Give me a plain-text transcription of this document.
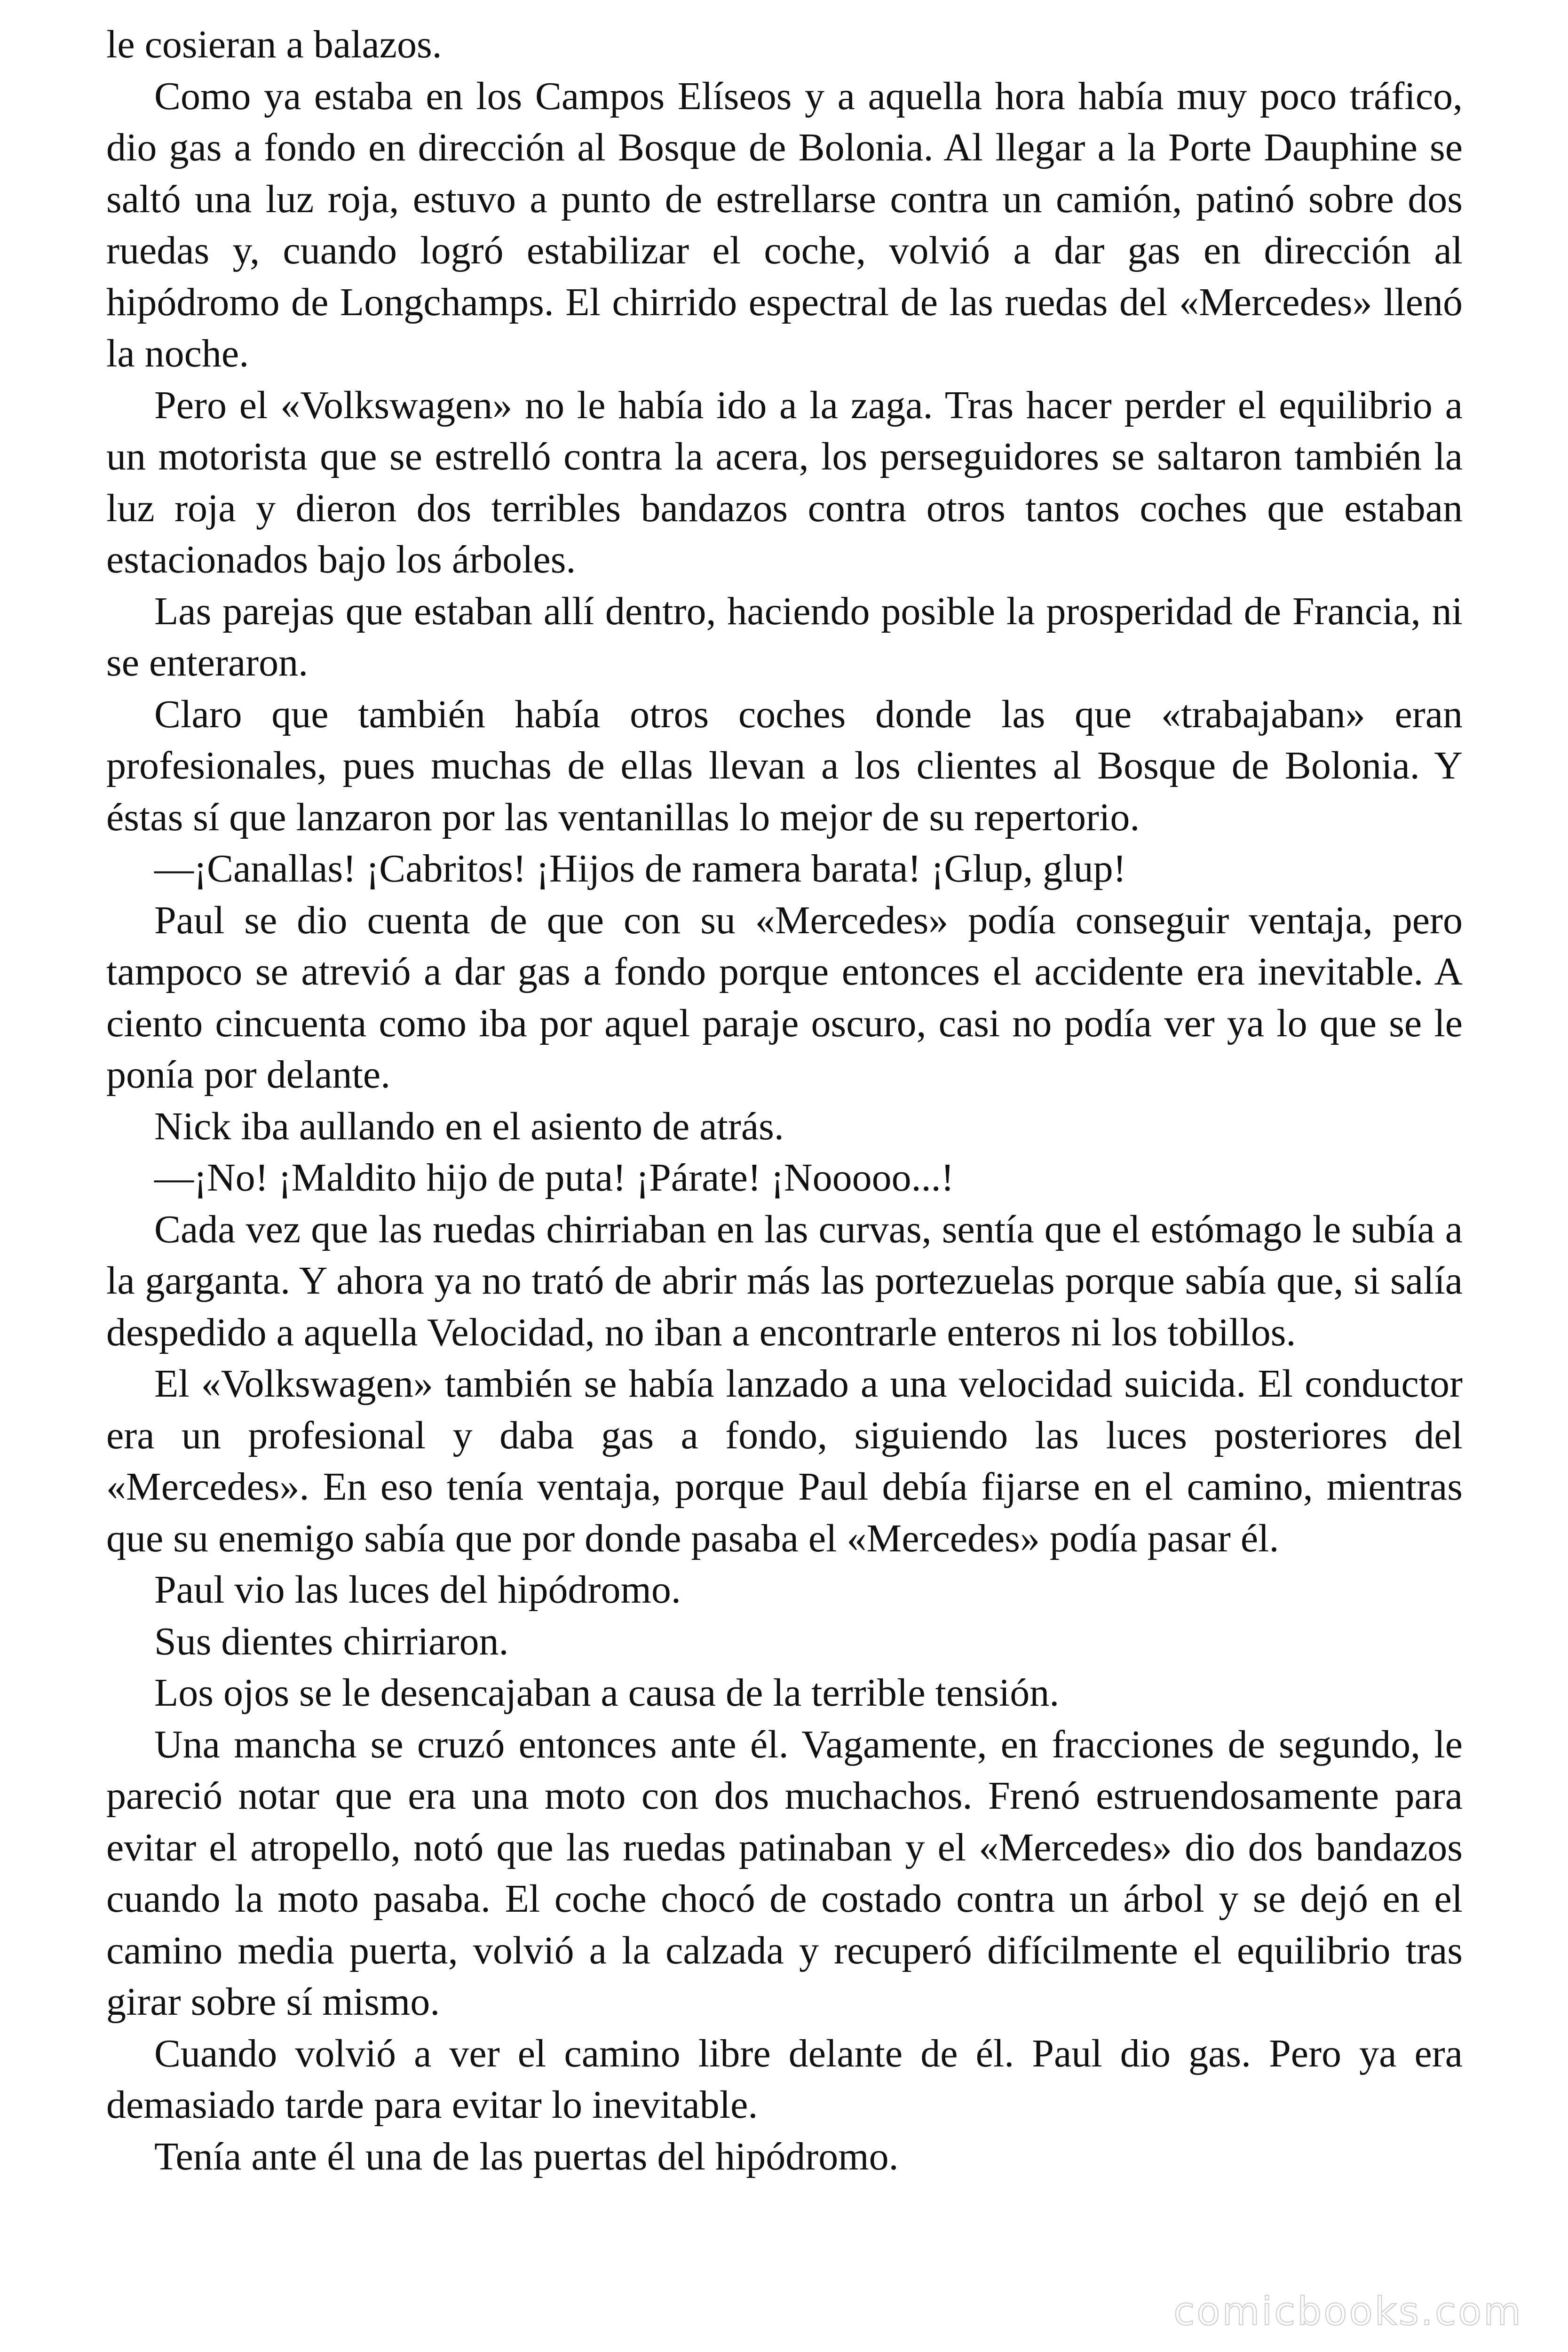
le cosieran a balazos.

Como ya estaba en los Campos Elíseos y a aquella hora había muy poco tráfico, dio gas a fondo en dirección al Bosque de Bolonia. Al llegar a la Porte Dauphine se saltó una luz roja, estuvo a punto de estrellarse contra un camión, patinó sobre dos ruedas y, cuando logró estabilizar el coche, volvió a dar gas en dirección al hipódromo de Longchamps. El chirrido espectral de las ruedas del «Mercedes» llenó la noche.

Pero el «Volkswagen» no le había ido a la zaga. Tras hacer perder el equilibrio a un motorista que se estrelló contra la acera, los perseguidores se saltaron también la luz roja y dieron dos terribles bandazos contra otros tantos coches que estaban estacionados bajo los árboles.

Las parejas que estaban allí dentro, haciendo posible la prosperidad de Francia, ni se enteraron.

Claro que también había otros coches donde las que «trabajaban» eran profesionales, pues muchas de ellas llevan a los clientes al Bosque de Bolonia. Y éstas sí que lanzaron por las ventanillas lo mejor de su repertorio.

—¡Canallas! ¡Cabritos! ¡Hijos de ramera barata! ¡Glup, glup!

Paul se dio cuenta de que con su «Mercedes» podía conseguir ventaja, pero tampoco se atrevió a dar gas a fondo porque entonces el accidente era inevitable. A ciento cincuenta como iba por aquel paraje oscuro, casi no podía ver ya lo que se le ponía por delante.

Nick iba aullando en el asiento de atrás.

—¡No! ¡Maldito hijo de puta! ¡Párate! ¡Nooooo...!

Cada vez que las ruedas chirriaban en las curvas, sentía que el estómago le subía a la garganta. Y ahora ya no trató de abrir más las portezuelas porque sabía que, si salía despedido a aquella Velocidad, no iban a encontrarle enteros ni los tobillos.

El «Volkswagen» también se había lanzado a una velocidad suicida. El conductor era un profesional y daba gas a fondo, siguiendo las luces posteriores del «Mercedes». En eso tenía ventaja, porque Paul debía fijarse en el camino, mientras que su enemigo sabía que por donde pasaba el «Mercedes» podía pasar él.

Paul vio las luces del hipódromo.

Sus dientes chirriaron.

Los ojos se le desencajaban a causa de la terrible tensión.

Una mancha se cruzó entonces ante él. Vagamente, en fracciones de segundo, le pareció notar que era una moto con dos muchachos. Frenó estruendosamente para evitar el atropello, notó que las ruedas patinaban y el «Mercedes» dio dos bandazos cuando la moto pasaba. El coche chocó de costado contra un árbol y se dejó en el camino media puerta, volvió a la calzada y recuperó difícilmente el equilibrio tras girar sobre sí mismo.

Cuando volvió a ver el camino libre delante de él. Paul dio gas. Pero ya era demasiado tarde para evitar lo inevitable.

Tenía ante él una de las puertas del hipódromo.

comicbooks.com
